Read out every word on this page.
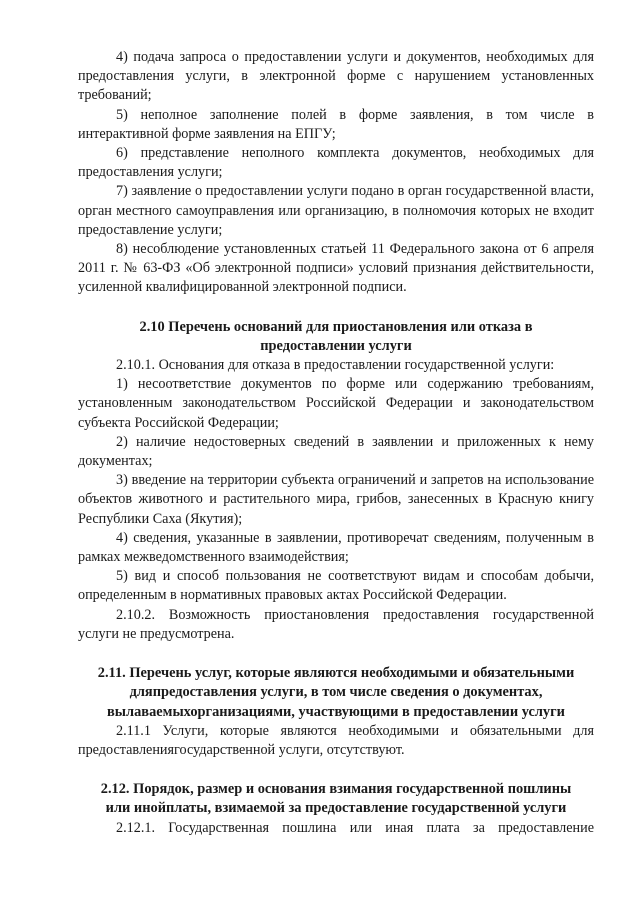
4) подача запроса о предоставлении услуги и документов, необходимых для предоставления услуги, в электронной форме с нарушением установленных требований;

5) неполное заполнение полей в форме заявления, в том числе в интерактивной форме заявления на ЕПГУ;

6) представление неполного комплекта документов, необходимых для предоставления услуги;

7) заявление о предоставлении услуги подано в орган государственной власти, орган местного самоуправления или организацию, в полномочия которых не входит предоставление услуги;

8) несоблюдение установленных статьей 11 Федерального закона от 6 апреля 2011 г. № 63-ФЗ «Об электронной подписи» условий признания действительности, усиленной квалифицированной электронной подписи.

2.10 Перечень оснований для приостановления или отказа в

предоставлении услуги

2.10.1. Основания для отказа в предоставлении государственной услуги:

1) несоответствие документов по форме или содержанию требованиям, установленным законодательством Российской Федерации и законодательством субъекта Российской Федерации;

2) наличие недостоверных сведений в заявлении и приложенных к нему документах;

3) введение на территории субъекта ограничений и запретов на использование объектов животного и растительного мира, грибов, занесенных в Красную книгу Республики Саха (Якутия);

4) сведения, указанные в заявлении, противоречат сведениям, полученным в рамках межведомственного взаимодействия;

5) вид и способ пользования не соответствуют видам и способам добычи, определенным в нормативных правовых актах Российской Федерации.

2.10.2. Возможность приостановления предоставления государственной услуги не предусмотрена.

2.11. Перечень услуг, которые являются необходимыми и обязательными

дляпредоставления услуги, в том числе сведения о документах,

вылаваемыхорганизациями, участвующими в предоставлении услуги

2.11.1 Услуги, которые являются необходимыми и обязательными для предоставлениягосударственной услуги, отсутствуют.

2.12. Порядок, размер и основания взимания государственной пошлины

или инойплаты, взимаемой за предоставление государственной услуги

2.12.1. Государственная пошлина или иная плата за предоставление
